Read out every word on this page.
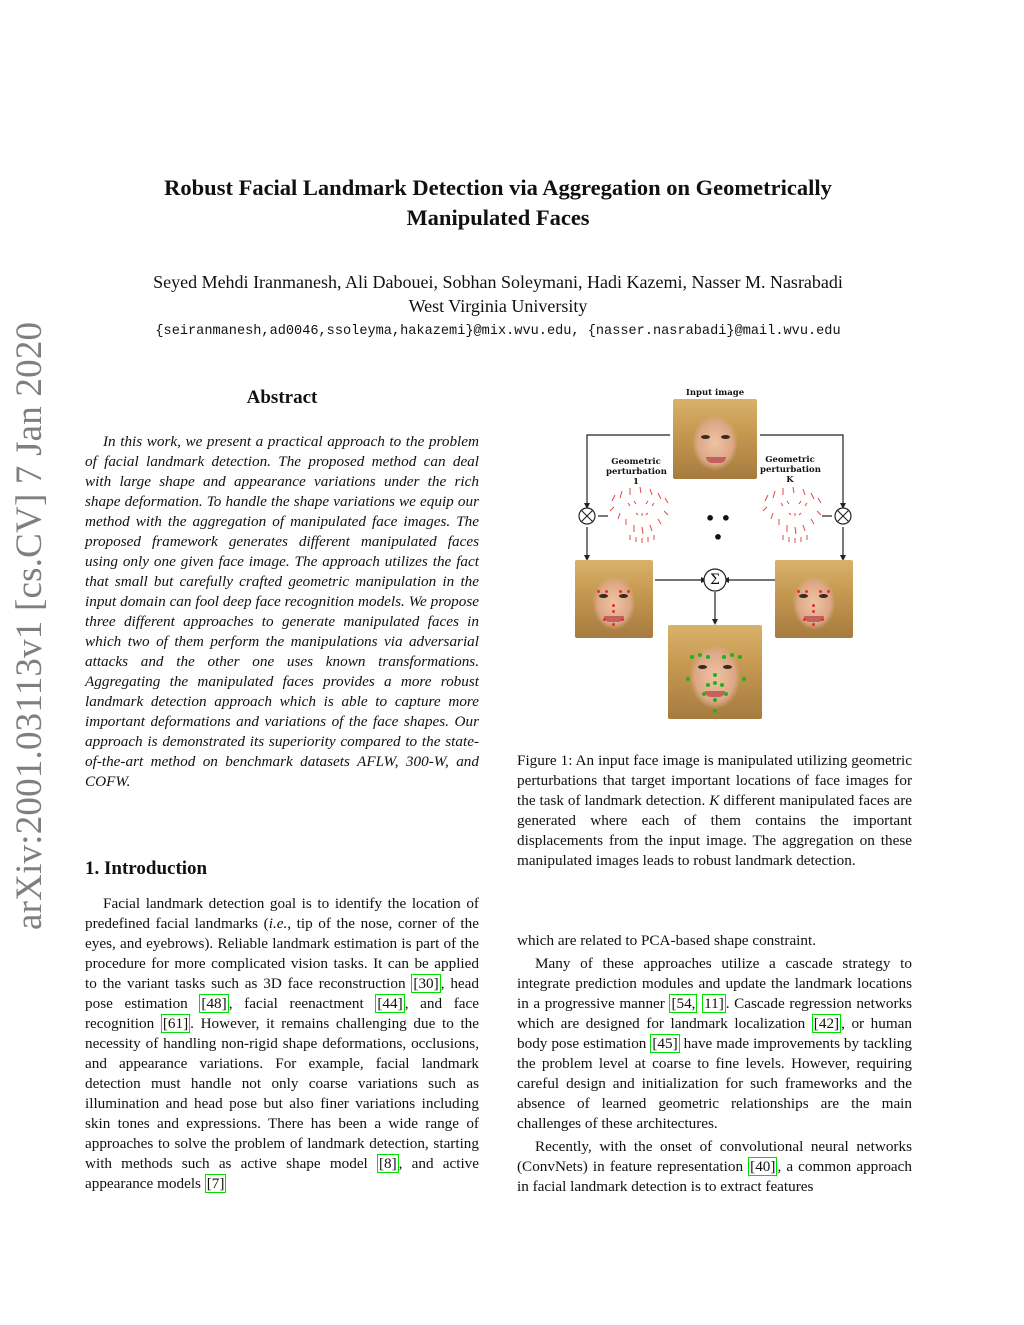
arXiv:2001.03113v1 [cs.CV] 7 Jan 2020
Robust Facial Landmark Detection via Aggregation on Geometrically
Manipulated Faces
Seyed Mehdi Iranmanesh, Ali Dabouei, Sobhan Soleymani, Hadi Kazemi, Nasser M. Nasrabadi
West Virginia University
{seiranmanesh,ad0046,ssoleyma,hakazemi}@mix.wvu.edu, {nasser.nasrabadi}@mail.wvu.edu
Abstract

In this work, we present a practical approach to the problem of facial landmark detection. The proposed method can deal with large shape and appearance variations under the rich shape deformation. To handle the shape variations we equip our method with the aggregation of manipulated face images. The proposed framework generates different manipulated faces using only one given face image. The approach utilizes the fact that small but carefully crafted geometric manipulation in the input domain can fool deep face recognition models. We propose three different approaches to generate manipulated faces in which two of them perform the manipulations via adversarial attacks and the other one uses known transformations. Aggregating the manipulated faces provides a more robust landmark detection approach which is able to capture more important deformations and variations of the face shapes. Our approach is demonstrated its superiority compared to the state-of-the-art method on benchmark datasets AFLW, 300-W, and COFW.

1. Introduction

Facial landmark detection goal is to identify the location of predefined facial landmarks (i.e., tip of the nose, corner of the eyes, and eyebrows). Reliable landmark estimation is part of the procedure for more complicated vision tasks. It can be applied to the variant tasks such as 3D face reconstruction [30] , head pose estimation [48] , facial reenactment [44] , and face recognition [61] . However, it remains challenging due to the necessity of handling non-rigid shape deformations, occlusions, and appearance variations. For example, facial landmark detection must handle not only coarse variations such as illumination and head pose but also finer variations including skin tones and expressions. There has been a wide range of approaches to solve the problem of landmark detection, starting with methods such as active shape model [8] , and active appearance models [7]

Input image
Geometric
perturbation
1
Geometric
perturbation
K
• • •
Σ

Figure 1: An input face image is manipulated utilizing geometric perturbations that target important locations of face images for the task of landmark detection. K different manipulated faces are generated where each of them contains the important displacements from the input image. The aggregation on these manipulated images leads to robust landmark detection.

which are related to PCA-based shape constraint.

Many of these approaches utilize a cascade strategy to integrate prediction modules and update the landmark locations in a progressive manner [54, 11] . Cascade regression networks which are designed for landmark localization [42] , or human body pose estimation [45] have made improvements by tackling the problem level at coarse to fine levels. However, requiring careful design and initialization for such frameworks and the absence of learned geometric relationships are the main challenges of these architectures.

Recently, with the onset of convolutional neural networks (ConvNets) in feature representation [40] , a common approach in facial landmark detection is to extract features
